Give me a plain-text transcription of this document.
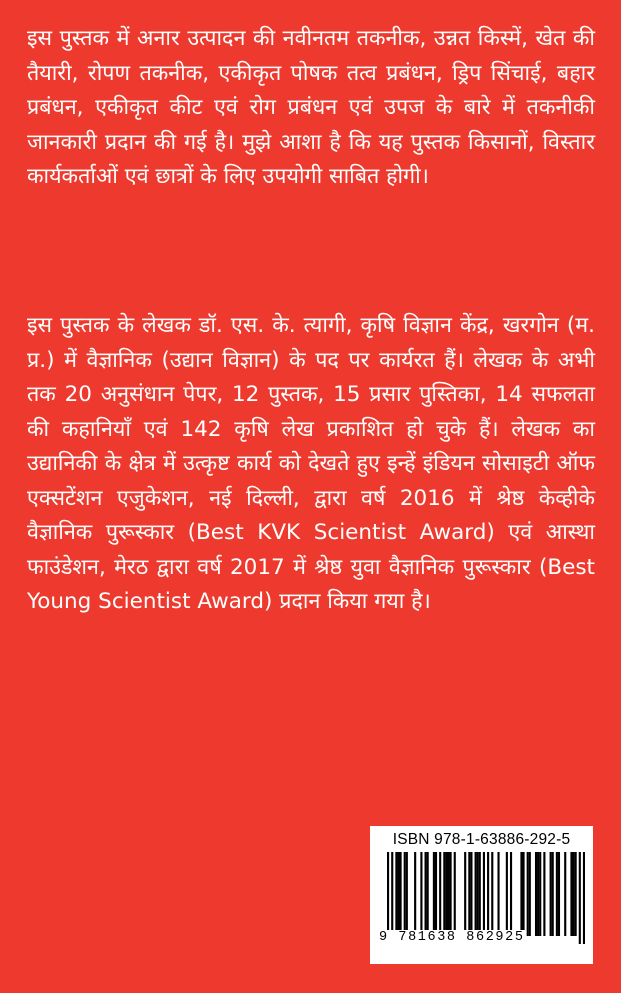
इस पुस्तक में अनार उत्पादन की नवीनतम तकनीक, उन्नत किस्में, खेत की तैयारी, रोपण तकनीक, एकीकृत पोषक तत्व प्रबंधन, ड्रिप सिंचाई, बहार प्रबंधन, एकीकृत कीट एवं रोग प्रबंधन एवं उपज के बारे में तकनीकी जानकारी प्रदान की गई है। मुझे आशा है कि यह पुस्तक किसानों, विस्तार कार्यकर्ताओं एवं छात्रों के लिए उपयोगी साबित होगी।

इस पुस्तक के लेखक डॉ. एस. के. त्यागी, कृषि विज्ञान केंद्र, खरगोन (म. प्र.) में वैज्ञानिक (उद्यान विज्ञान) के पद पर कार्यरत हैं। लेखक के अभी तक 20 अनुसंधान पेपर, 12 पुस्तक, 15 प्रसार पुस्तिका, 14 सफलता की कहानियाँ एवं 142 कृषि लेख प्रकाशित हो चुके हैं। लेखक का उद्यानिकी के क्षेत्र में उत्कृष्ट कार्य को देखते हुए इन्हें इंडियन सोसाइटी ऑफ एक्सटेंशन एजुकेशन, नई दिल्ली, द्वारा वर्ष 2016 में श्रेष्ठ केव्हीके वैज्ञानिक पुरूस्कार (Best KVK Scientist Award) एवं आस्था फाउंडेशन, मेरठ द्वारा वर्ष 2017 में श्रेष्ठ युवा वैज्ञानिक पुरूस्कार (Best Young Scientist Award) प्रदान किया गया है।

ISBN 978-1-63886-292-5
9 781638 862925
